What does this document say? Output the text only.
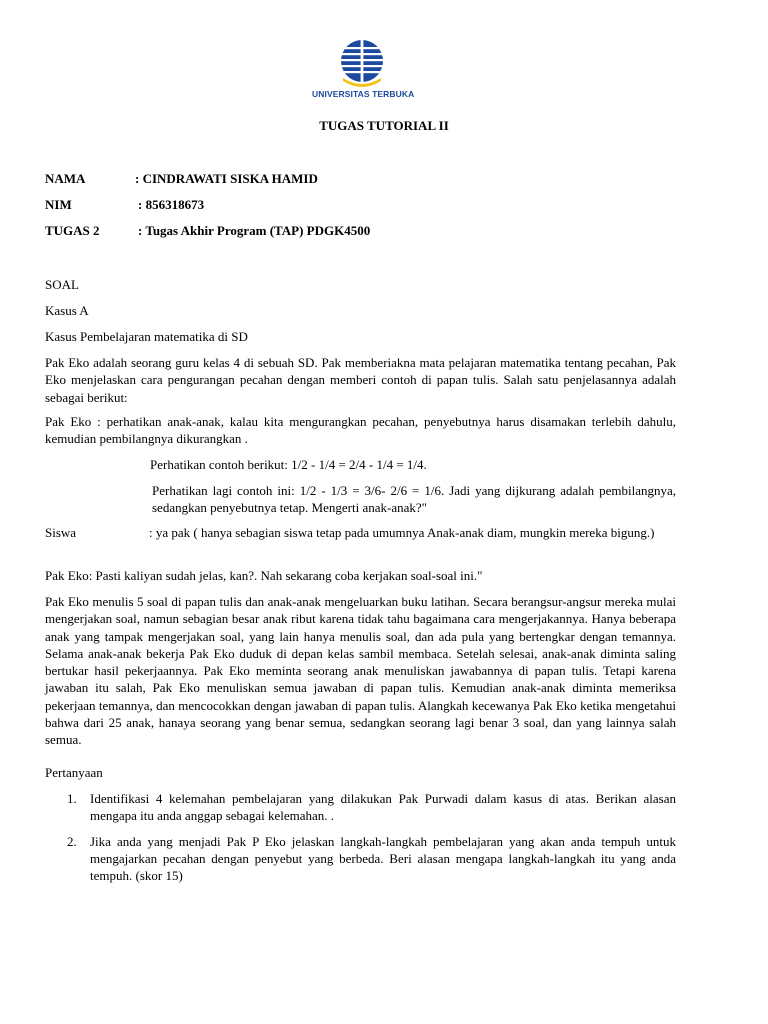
UNIVERSITAS TERBUKA
TUGAS TUTORIAL II
NAMA	: CINDRAWATI SISKA HAMID
NIM	: 856318673
TUGAS 2	: Tugas Akhir Program (TAP) PDGK4500
SOAL
Kasus A
Kasus Pembelajaran matematika di SD
Pak Eko adalah seorang guru kelas 4 di sebuah SD. Pak memberiakna mata pelajaran matematika tentang pecahan, Pak Eko menjelaskan cara pengurangan pecahan dengan memberi contoh di papan tulis. Salah satu penjelasannya adalah sebagai berikut:
Pak Eko : perhatikan anak-anak, kalau kita mengurangkan pecahan, penyebutnya harus disamakan terlebih dahulu, kemudian pembilangnya dikurangkan .
Perhatikan contoh berikut: 1/2 - 1/4 = 2/4 - 1/4 = 1/4.
Perhatikan lagi contoh ini: 1/2 - 1/3 = 3/6- 2/6 = 1/6. Jadi yang dijkurang adalah pembilangnya, sedangkan penyebutnya tetap. Mengerti anak-anak?"
Siswa	: ya pak ( hanya sebagian siswa tetap pada umumnya Anak-anak diam, mungkin mereka bigung.)
Pak Eko: Pasti kaliyan sudah jelas, kan?. Nah sekarang coba kerjakan soal-soal ini."
Pak Eko menulis 5 soal di papan tulis dan anak-anak mengeluarkan buku latihan. Secara berangsur-angsur mereka mulai mengerjakan soal, namun sebagian besar anak ribut karena tidak tahu bagaimana cara mengerjakannya. Hanya beberapa anak yang tampak mengerjakan soal, yang lain hanya menulis soal, dan ada pula yang bertengkar dengan temannya. Selama anak-anak bekerja Pak Eko duduk di depan kelas sambil membaca. Setelah selesai, anak-anak diminta saling bertukar hasil pekerjaannya. Pak Eko meminta seorang anak menuliskan jawabannya di papan tulis. Tetapi karena jawaban itu salah, Pak Eko menuliskan semua jawaban di papan tulis. Kemudian anak-anak diminta memeriksa pekerjaan temannya, dan mencocokkan dengan jawaban di papan tulis. Alangkah kecewanya Pak Eko ketika mengetahui bahwa dari 25 anak, hanaya seorang yang benar semua, sedangkan seorang lagi benar 3 soal, dan yang lainnya salah semua.
Pertanyaan
1. Identifikasi 4 kelemahan pembelajaran yang dilakukan Pak Purwadi dalam kasus di atas. Berikan alasan mengapa itu anda anggap sebagai kelemahan. .
2. Jika anda yang menjadi Pak P Eko jelaskan langkah-langkah pembelajaran yang akan anda tempuh untuk mengajarkan pecahan dengan penyebut yang berbeda. Beri alasan mengapa langkah-langkah itu yang anda tempuh. (skor 15)
